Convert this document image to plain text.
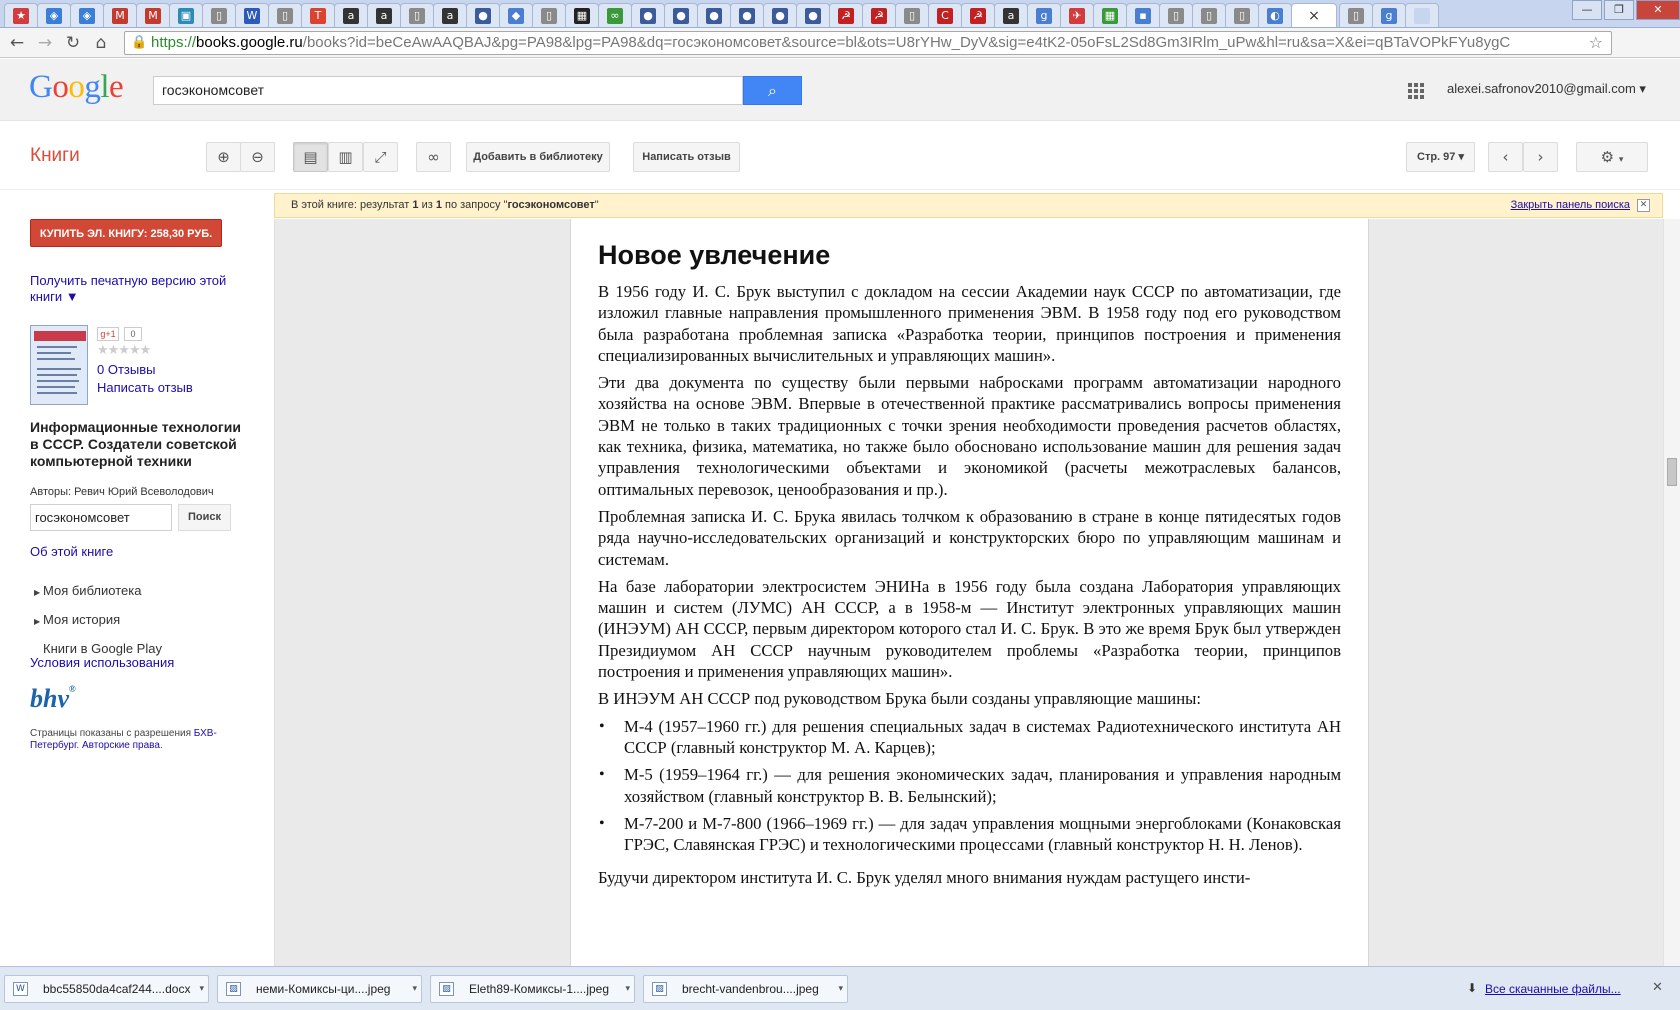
★	◈	◈	M M ▣	▯	W	▯	T	a	a	▯	a	●	◆	▯	▦	∞	● ● ● ● ● ● ☭ ☭	▯	C	☭	a	g	✈	▦	▪	▯	▯	▯	◐ ×	▯	g	—	❐	✕
← → ↻ ⌂	🔒 https://books.google.ru/books?id=beCeAwAAQBAJ&pg=PA98&lpg=PA98&dq=госэкономсовет&source=bl&ots=U8rYHw_DyV&sig=e4tK2-05oFsL2Sd8Gm3IRlm_uPw&hl=ru&sa=X&ei=qBTaVOPkFYu8ygC	☆
Google	госэкономсовет	⌕	alexei.safronov2010@gmail.com ▾
Книги	⊕	⊖	▤	▥	⤢	∞	Добавить в библиотеку	Написать отзыв	Стр. 97 ▾	‹	›	⚙ ▾
КУПИТЬ ЭЛ. КНИГУ: 258,30 РУБ.
Получить печатную версию этой книги ▼
g+1	0
★★★★★
0 Отзывы
Написать отзыв
Информационные технологии в СССР. Создатели советской компьютерной техники
Авторы: Ревич Юрий Всеволодович
госэкономсовет	Поиск
Об этой книге
▶ Моя библиотека
▶ Моя история
Книги в Google Play
Условия использования
bhv®
Страницы показаны с разрешения БХВ-Петербург. Авторские права.
В этой книге: результат 1 из 1 по запросу "госэкономсовет"	Закрыть панель поиска	✕
Новое увлечение

В 1956 году И. С. Брук выступил с докладом на сессии Академии наук СССР по автоматизации, где изложил главные направления промышленного применения ЭВМ. В 1958 году под его руководством была разработана проблемная записка «Разработка теории, принципов построения и применения специализированных вычислительных и управляющих машин».

Эти два документа по существу были первыми набросками программ автоматизации народного хозяйства на основе ЭВМ. Впервые в отечественной практике рассматривались вопросы применения ЭВМ не только в таких традиционных с точки зрения необходимости проведения расчетов областях, как техника, физика, математика, но также было обосновано использование машин для решения задач управления технологическими объектами и экономикой (расчеты межотраслевых балансов, оптимальных перевозок, ценообразования и пр.).

Проблемная записка И. С. Брука явилась толчком к образованию в стране в конце пятидесятых годов ряда научно-исследовательских организаций и конструкторских бюро по управляющим машинам и системам.

На базе лаборатории электросистем ЭНИНа в 1956 году была создана Лаборатория управляющих машин и систем (ЛУМС) АН СССР, а в 1958-м — Институт электронных управляющих машин (ИНЭУМ) АН СССР, первым директором которого стал И. С. Брук. В это же время Брук был утвержден Президиумом АН СССР научным руководителем проблемы «Разработка теории, принципов построения и применения управляющих машин».

В ИНЭУМ АН СССР под руководством Брука были созданы управляющие машины:

• М-4 (1957–1960 гг.) для решения специальных задач в системах Радиотехнического института АН СССР (главный конструктор М. А. Карцев);
• М-5 (1959–1964 гг.) — для решения экономических задач, планирования и управления народным хозяйством (главный конструктор В. В. Белынский);
• М-7-200 и М-7-800 (1966–1969 гг.) — для задач управления мощными энергоблоками (Конаковская ГРЭС, Славянская ГРЭС) и технологическими процессами (главный конструктор Н. Н. Ленов).

Будучи директором института И. С. Брук уделял много внимания нуждам растущего инсти-

W bbc55850da4caf244....docx ▾	▨ неми-Комиксы-ци....jpeg ▾	▨ Eleth89-Комиксы-1....jpeg ▾	▨ brecht-vandenbrou....jpeg ▾	⬇ Все скачанные файлы... ✕
